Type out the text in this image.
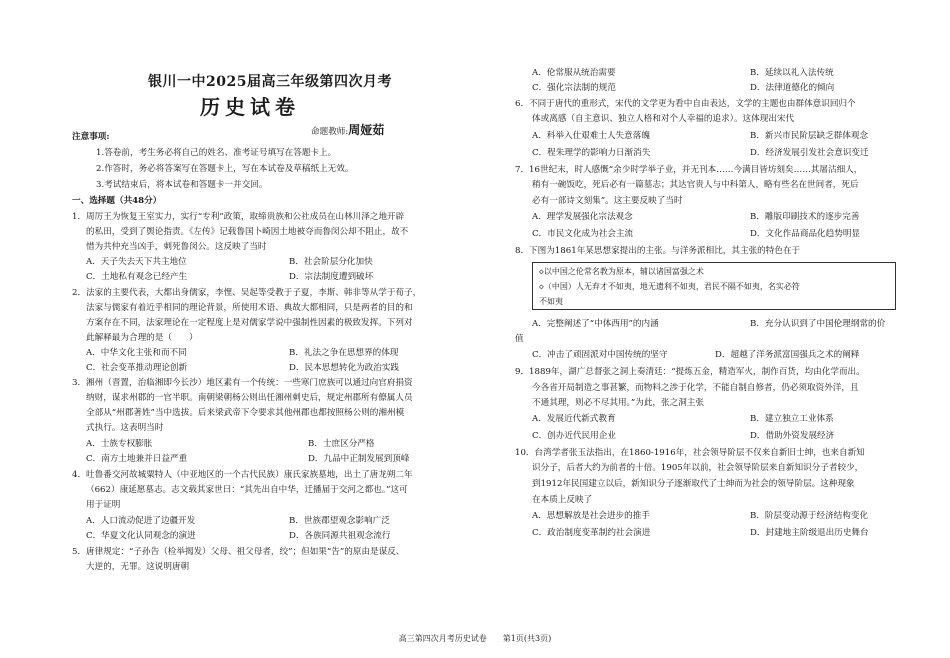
银川一中2025届高三年级第四次月考
历史试卷
命题教师:周娅茹
注意事项:
1.答卷前，考生务必将自己的姓名、准考证号填写在答题卡上。
2.作答时，务必将答案写在答题卡上，写在本试卷及草稿纸上无效。
3.考试结束后，将本试卷和答题卡一并交回。
一、选择题（共48分）
1．周厉王为恢复王室实力，实行“专利”政策，取缔贵族和公社成员在山林川泽之地开辟
的私田，受到了舆论指责。《左传》记载鲁国卜崎因土地被夺而鲁闵公却不阻止，故不
惜为共仲充当凶手，刺死鲁闵公。这反映了当时
A．天子失去天下共主地位	B．社会阶层分化加快
C．土地私有观念已经产生	D．宗法制度遭到破坏
2．法家的主要代表，大都出身儒家，李悝、吴起等受教于子夏，李斯、韩非等从学于荀子，
法家与儒家有着近乎相同的理论背景，所使用术语、典故大都相同，只是两者的目的和
方案存在不同，法家理论在一定程度上是对儒家学说中强制性因素的极致发挥。下列对
此解释最为合理的是（　　）
A．中华文化主张和而不同	B．礼法之争在思想界的体现
C．社会变革推动理论创新	D．民本思想转化为政治实践
3．湘州（晋置，治临湘即今长沙）地区素有一个传统：一些寒门庶族可以通过向官府捐资
纳财，谋求州郡的一官半职。南朝梁朝杨公则出任湘州刺史后，规定州郡所有僚属人员
全部从“州郡著姓”当中选拔。后来梁武帝下令要求其他州郡也都按照杨公则的湘州模
式执行。这表明当时
A．士族专权膨胀	B．士庶区分严格
C．南方土地兼并日益严重	D．九品中正制发展到顶峰
4．吐鲁番交河故城粟特人（中亚地区的一个古代民族）康氏家族墓地，出土了唐龙朔二年
（662）康延愿墓志。志文载其家世曰：“其先出自中华，迁播届于交河之都也。”这可
用于证明
A．人口流动促进了边疆开发	B．世族郡望观念影响广泛
C．华夏文化认同观念的演进	D．各族同源共祖观念流行
5．唐律规定：“子孙告（检举揭发）父母、祖父母者，绞”；但如果“告”的原由是谋反、
大逆的，无罪。这说明唐朝
A．伦常服从统治需要	B．延续以礼入法传统
C．强化宗法制的规范	D．法律道德化的倾向
6．不同于唐代的重形式，宋代的文学更为看中自由表达，文学的主题也由群体意识回归个
体或离感（自主意识、独立人格和对个人幸福的追求）。这体现出宋代
A．科举入仕艰难士人失意落魄	B．新兴市民阶层缺乏群体观念
C．程朱理学的影响力日渐消失	D．经济发展引发社会意识变迁
7．16世纪末，时人感慨“余少时学举子业，并无刊本……今满目皆坊刻矣……其屠沽细人，
稍有一碗饭吃，死后必有一篇墓志；其达官贵人与中科第人，略有些名在世间者，死后
必有一部诗文刻集”。这主要反映了当时
A．理学发展强化宗法观念	B．雕版印刷技术的逐步完善
C．市民文化成为社会主流	D．文化作品商品化趋势明显
8．下图为1861年某思想家提出的主张。与洋务派相比，其主张的特色在于
◇以中国之伦常名教为原本，辅以诸国富强之术
◇（中国）人无弃才不如夷，地无遗利不如夷，君民不隔不如夷，名实必符
不如夷
A．完整阐述了“中体西用”的内涵	B．充分认识到了中国伦理纲常的价
值
C．冲击了顽固派对中国传统的坚守	D．超越了洋务派富国强兵之术的阐释
9．1889年，湖广总督张之洞上奏清廷：“提炼五金，精造军火，制作百货，均由化学而出。
今各省开局制造之事甚繁，而物料之涉于化学，不能自制自修者，仍必须取资外洋，且
不通其理，则必不尽其用。”为此，张之洞主张
A．发展近代新式教育	B．建立独立工业体系
C．创办近代民用企业	D．借助外资发展经济
10．台湾学者张玉法指出，在1860-1916年，社会领导阶层不仅来自新旧士绅，也来自新知
识分子，后者大约为前者的十倍。1905年以前，社会领导阶层来自新知识分子者较少，
到1912年民国建立以后，新知识分子逐渐取代了士绅而为社会的领导阶层。这种现象
在本质上反映了
A．思想解放是社会进步的推手	B．阶层变动源于经济结构变化
C．政治制度变革制约社会演进	D．封建地主阶级退出历史舞台
高三第四次月考历史试卷　　第1页(共3页)
